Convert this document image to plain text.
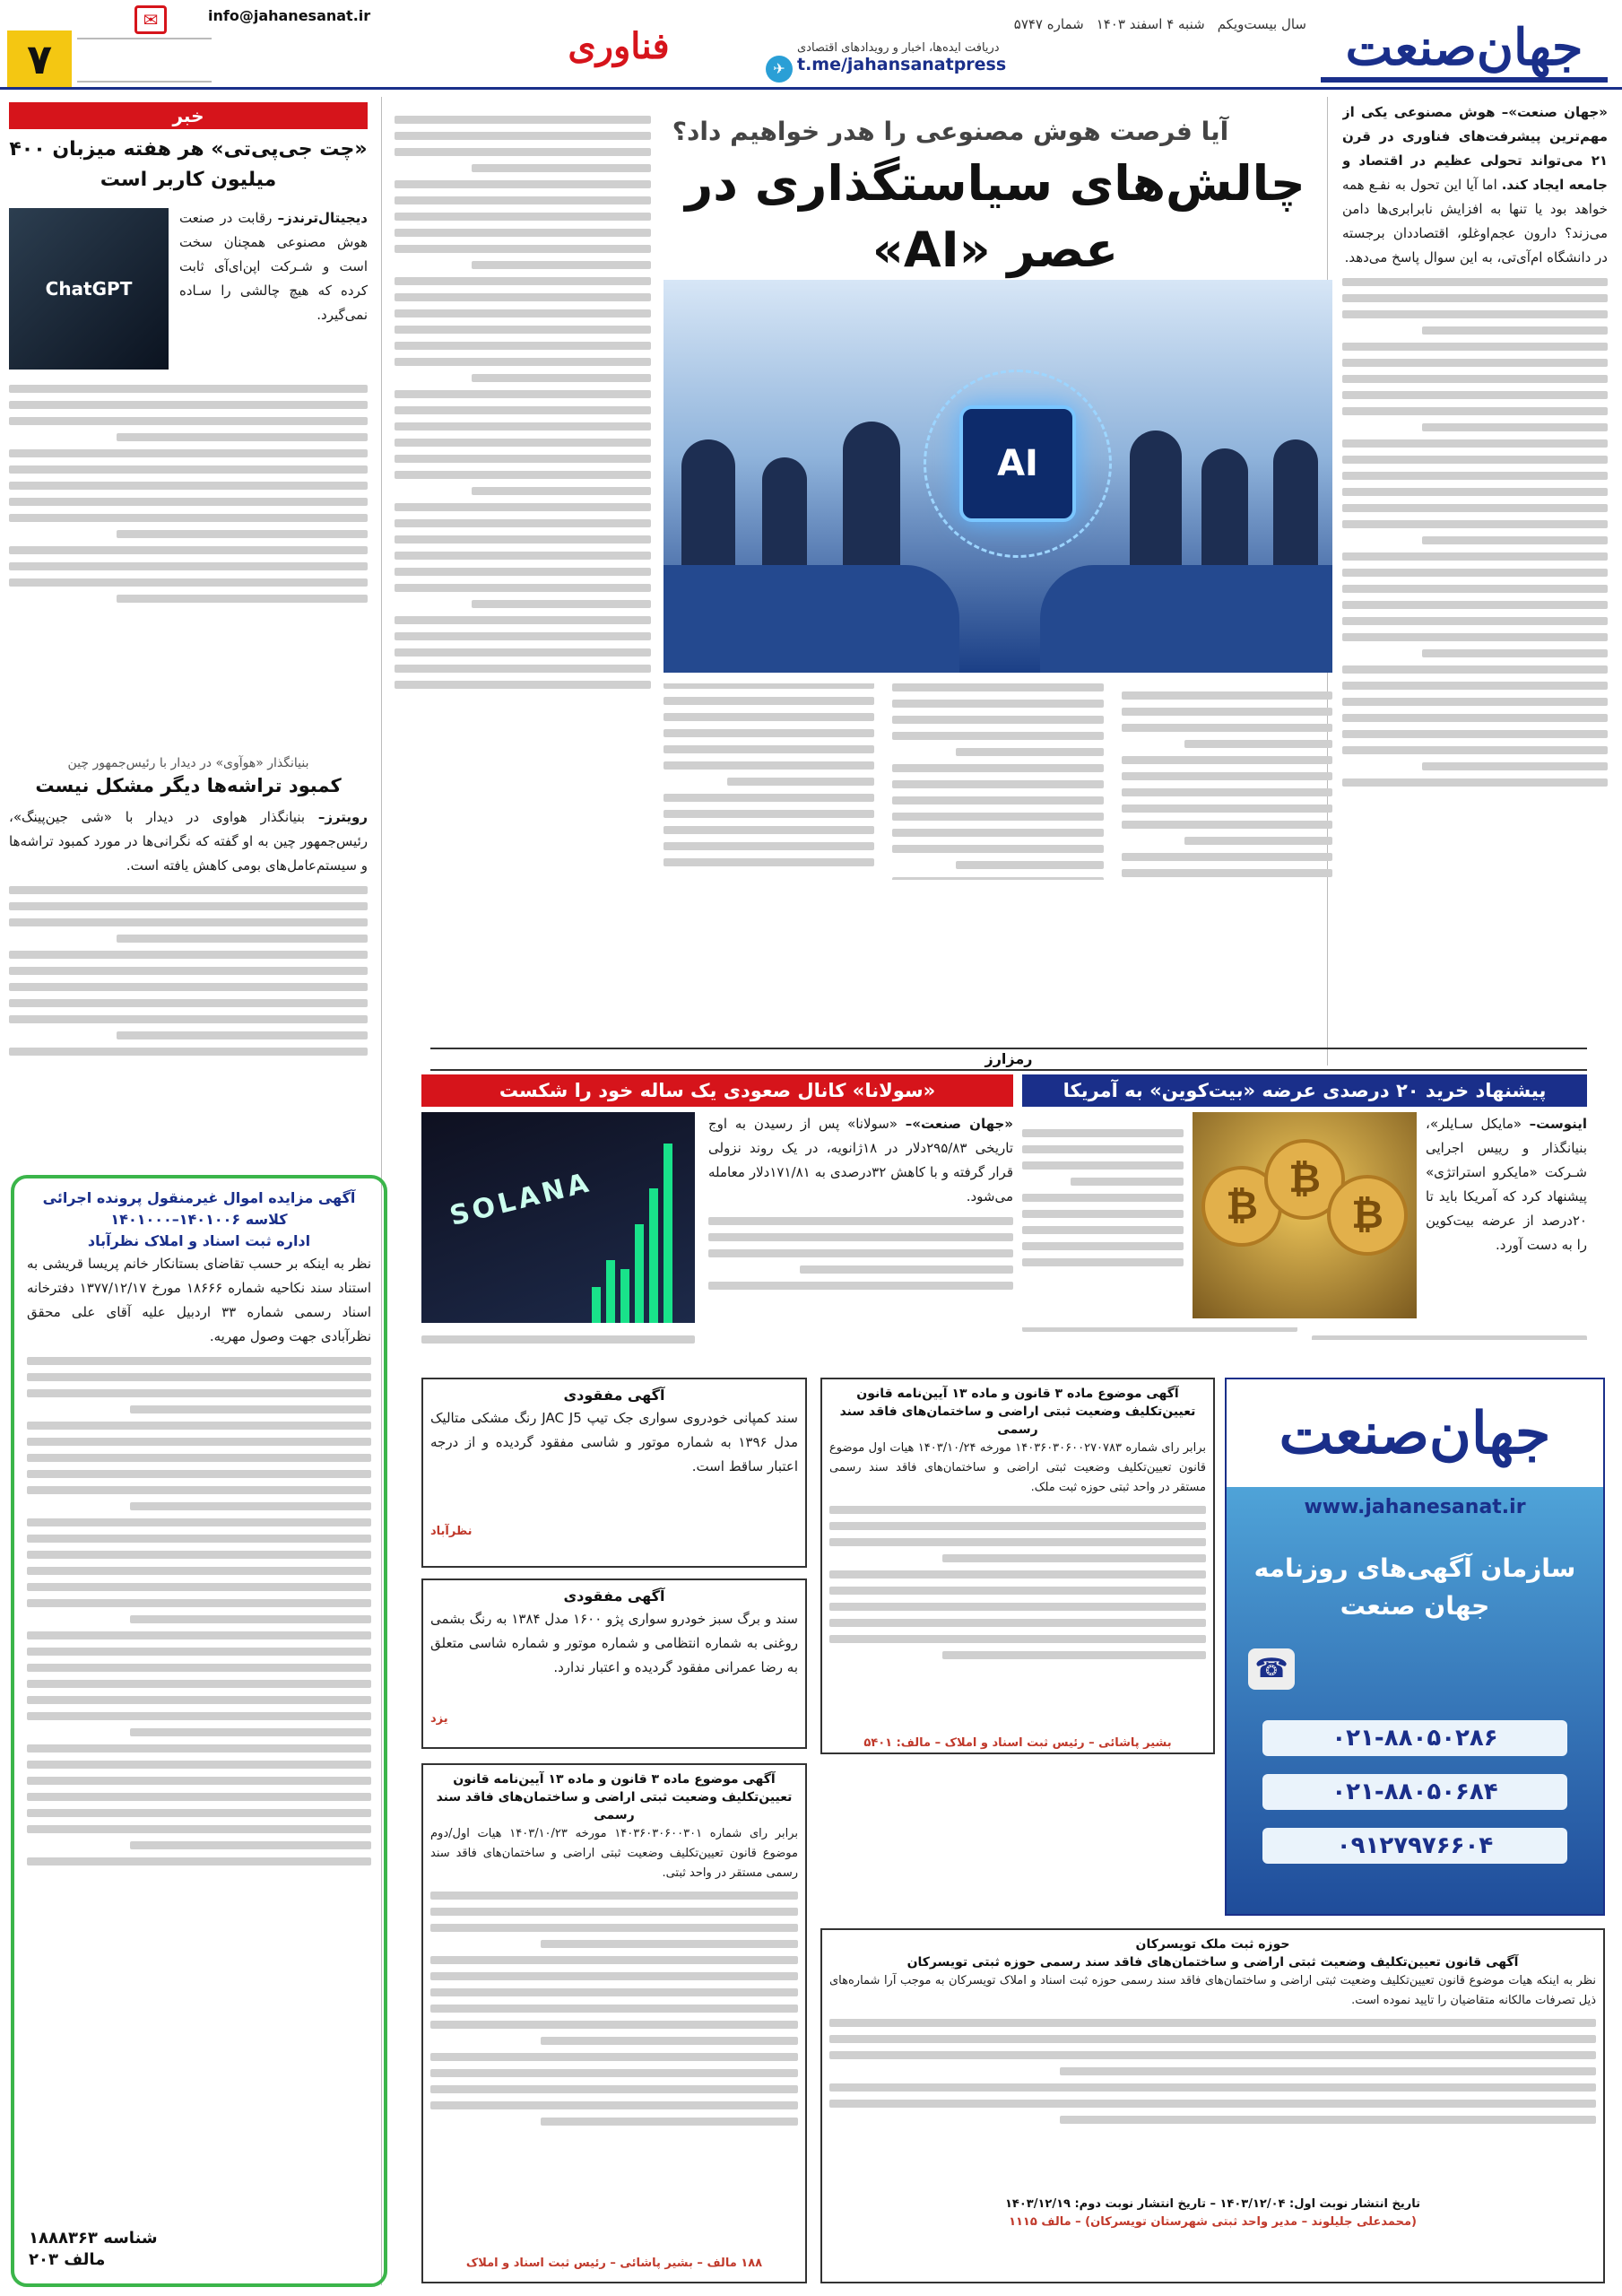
جهان‌صنعت
سال بیست‌ویکم
شنبه ۴ اسفند ۱۴۰۳
شماره ۵۷۴۷
✈
دریافت ایده‌ها، اخبار و رویدادهای اقتصادی
t.me/jahansanatpress
فناوری
info@jahanesanat.ir
✉
۷

«جهان صنعت»– هوش مصنوعی یکی از مهم‌ترین پیشرفت‌های فناوری در قرن ۲۱ می‌تواند تحولی عظیم در اقتصاد و جامعه ایجاد کند. اما آیا این تحول به نفـع همه خواهد بود یا تنها به افزایش نابرابری‌ها دامن می‌زند؟ دارون عجم‌اوغلو، اقتصاددان برجسته در دانشگاه ام‌آی‌تی، به این سوال پاسخ می‌دهد.

آیا فرصت هوش مصنوعی را هدر خواهیم داد؟
چالش‌های سیاستگذاری در عصر «AI»
AI
خبر
«چت جی‌پی‌تی» هر هفته میزبان ۴۰۰ میلیون کاربر است
ChatGPT

دیجیتال‌ترندز– رقابت در صنعت هوش مصنوعی همچنان سخت است و شـرکت اپن‌ای‌آی ثابت کرده که هیچ چالشی را سـاده نمی‌گیرد.

بنیانگذار «هوآوی» در دیدار با رئیس‌جمهور چین
کمبود تراشه‌ها دیگر مشکل نیست

رویترز– بنیانگذار هواوی در دیدار با «شی جین‌پینگ»، رئیس‌جمهور چین به او گفته که نگرانی‌ها در مورد کمبود تراشه‌ها و سیستم‌عامل‌های بومی کاهش یافته است.

رمزارز
پیشنهاد خرید ۲۰ درصدی عرضه «بیت‌کوین» به آمریکا
«سولانا» کانال صعودی یک ساله خود را شکست

اینوست– «مایکل سـایلر»، بنیانگذار و رییس اجرایی شـرکت «مایکرو استراتژی» پیشنهاد کرد که آمریکا باید تا ۲۰درصد از عرضه بیت‌کوین را به دست آورد.

₿
₿
₿
SOLANA

«جهان صنعت»– «سولانا» پس از رسیدن به اوج تاریخی ۲۹۵/۸۳دلار در ۱۸ژانویه، در یک روند نزولی قرار گرفته و با کاهش ۳۲درصدی به ۱۷۱/۸۱دلار معامله می‌شود.

آگهی مزایده اموال غیرمنقول پرونده اجرائی کلاسه ۱۴۰۱۰۰۶–۱۴۰۱۰۰۰
اداره ثبت اسناد و املاک نظرآباد

نظر به اینکه بر حسب تقاضای بستانکار خانم پریسا قریشی به استناد سند نکاحیه شماره ۱۸۶۶۶ مورخ ۱۳۷۷/۱۲/۱۷ دفترخانه اسناد رسمی شماره ۳۳ اردبیل علیه آقای علی محقق نظرآبادی جهت وصول مهریه.

شناسه ۱۸۸۸۳۶۳
مالف ۲۰۳
آگهی مفقودی
سند کمپانی خودروی سواری جک تیپ JAC J5 رنگ مشکی متالیک مدل ۱۳۹۶ به شماره موتور و شاسی مفقود گردیده و از درجه اعتبار ساقط است.
نظرآباد
آگهی مفقودی
سند و برگ سبز خودرو سواری پژو ۱۶۰۰ مدل ۱۳۸۴ به رنگ بشمی روغنی به شماره انتظامی و شماره موتور و شماره شاسی متعلق به رضا عمرانی مفقود گردیده و اعتبار ندارد.
یزد
آگهی موضوع ماده ۳ قانون و ماده ۱۳ آیین‌نامه قانون تعیین‌تکلیف وضعیت ثبتی اراضی و ساختمان‌های فاقد سند رسمی

برابر رای شماره ۱۴۰۳۶۰۳۰۶۰۰۲۷۰۷۸۳ مورخه ۱۴۰۳/۱۰/۲۴ هیات اول موضوع قانون تعیین‌تکلیف وضعیت ثبتی اراضی و ساختمان‌های فاقد سند رسمی مستقر در واحد ثبتی حوزه ثبت ملک.

بشیر پاشائی – رئیس ثبت اسناد و املاک – مالف: ۵۴۰۱
جهان‌صنعت
www.jahanesanat.ir
سازمان آگهی‌های روزنامه جهان صنعت
☎
۰۲۱-۸۸۰۵۰۲۸۶
۰۲۱-۸۸۰۵۰۶۸۴
۰۹۱۲۷۹۷۶۶۰۴
آگهی موضوع ماده ۳ قانون و ماده ۱۳ آیین‌نامه قانون تعیین‌تکلیف وضعیت ثبتی اراضی و ساختمان‌های فاقد سند رسمی

برابر رای شماره ۱۴۰۳۶۰۳۰۶۰۰۳۰۱ مورخه ۱۴۰۳/۱۰/۲۳ هیات اول/دوم موضوع قانون تعیین‌تکلیف وضعیت ثبتی اراضی و ساختمان‌های فاقد سند رسمی مستقر در واحد ثبتی.

۱۸۸ مالف – بشیر پاشائی – رئیس ثبت اسناد و املاک
حوزه ثبت ملک تویسرکان
آگهی قانون تعیین‌تکلیف وضعیت ثبتی اراضی و ساختمان‌های فاقد سند رسمی حوزه ثبتی تویسرکان

نظر به اینکه هیات موضوع قانون تعیین‌تکلیف وضعیت ثبتی اراضی و ساختمان‌های فاقد سند رسمی حوزه ثبت اسناد و املاک تویسرکان به موجب آرا شماره‌های ذیل تصرفات مالکانه متقاضیان را تایید نموده است.

تاریخ انتشار نوبت اول: ۱۴۰۳/۱۲/۰۴ – تاریخ انتشار نوبت دوم: ۱۴۰۳/۱۲/۱۹
(محمدعلی جلیلوند – مدیر واحد ثبتی شهرستان تویسرکان) – مالف ۱۱۱۵
